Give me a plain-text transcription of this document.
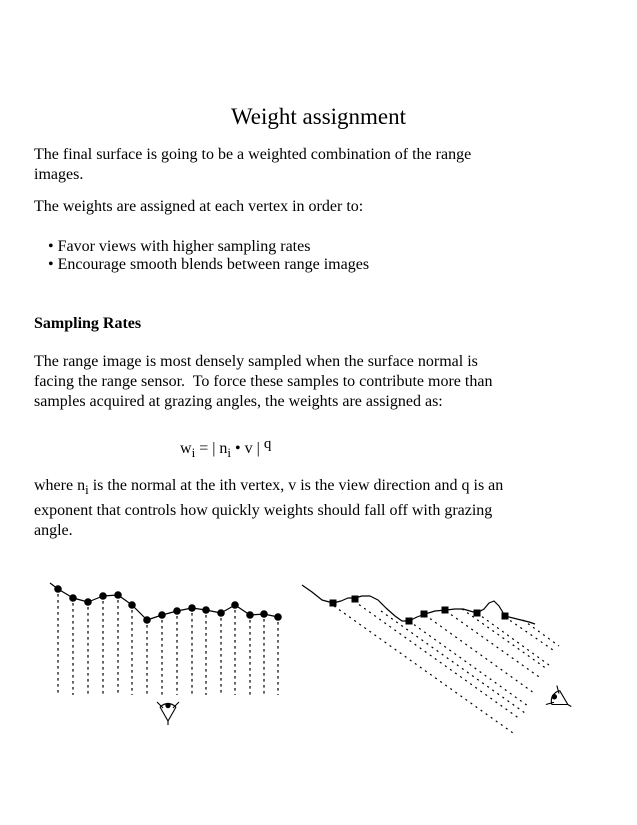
Weight assignment
The final surface is going to be a weighted combination of the range
images.
The weights are assigned at each vertex in order to:
• Favor views with higher sampling rates
• Encourage smooth blends between range images
Sampling Rates
The range image is most densely sampled when the surface normal is
facing the range sensor.  To force these samples to contribute more than
samples acquired at grazing angles, the weights are assigned as:
$w_i$ = | $n_i$ • v | $^q$
where $n_i$ is the normal at the ith vertex, v is the view direction and q is an
exponent that controls how quickly weights should fall off with grazing
angle.
